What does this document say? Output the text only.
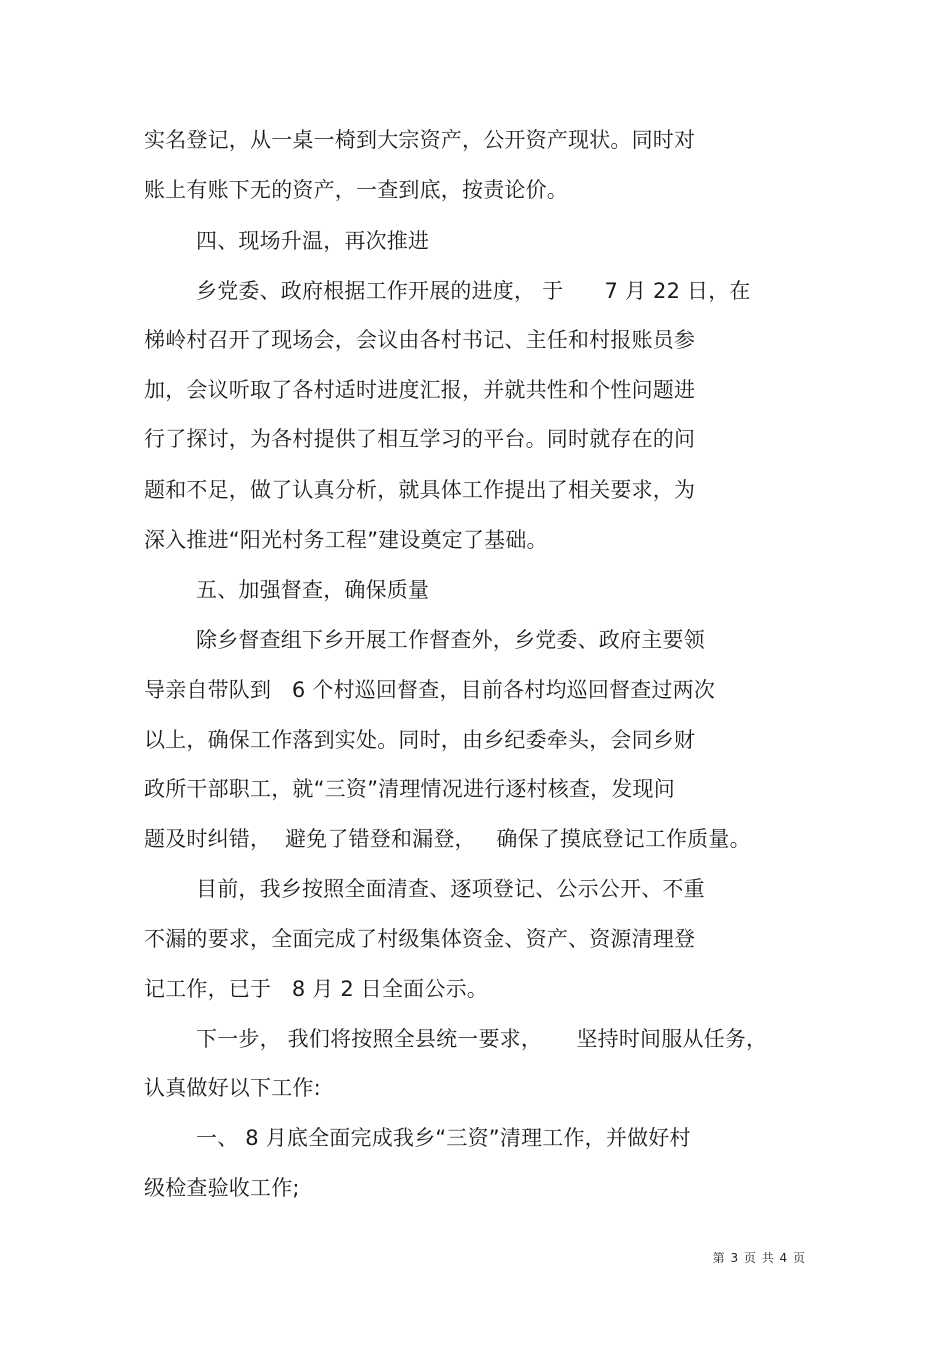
实名登记，从一桌一椅到大宗资产，公开资产现状。同时对
账上有账下无的资产，一查到底，按责论价。
四、现场升温，再次推进
乡党委、政府根据工作开展的进度， 于      7 月 22 日，在
梯岭村召开了现场会，会议由各村书记、主任和村报账员参
加，会议听取了各村适时进度汇报，并就共性和个性问题进
行了探讨，为各村提供了相互学习的平台。同时就存在的问
题和不足，做了认真分析，就具体工作提出了相关要求，为
深入推进“阳光村务工程”建设奠定了基础。
五、加强督查，确保质量
除乡督查组下乡开展工作督查外，乡党委、政府主要领
导亲自带队到   6 个村巡回督查，目前各村均巡回督查过两次
以上，确保工作落到实处。同时，由乡纪委牵头，会同乡财
政所干部职工，就“三资”清理情况进行逐村核查，发现问
题及时纠错，  避免了错登和漏登，   确保了摸底登记工作质量。
目前，我乡按照全面清查、逐项登记、公示公开、不重
不漏的要求，全面完成了村级集体资金、资产、资源清理登
记工作，已于   8 月 2 日全面公示。
下一步， 我们将按照全县统一要求，     坚持时间服从任务，
认真做好以下工作:
一、 8 月底全面完成我乡“三资”清理工作，并做好村
级检查验收工作;
第 3 页 共 4 页
